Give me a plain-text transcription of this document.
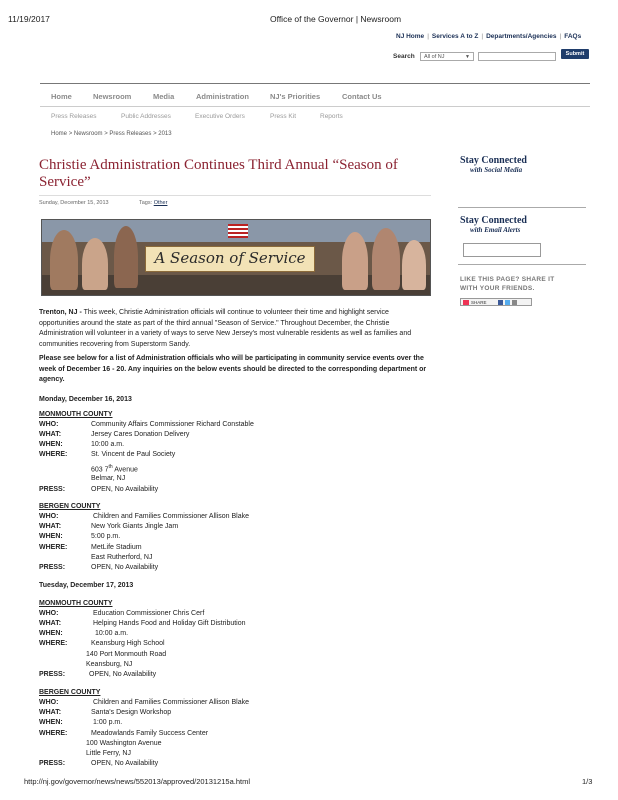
11/19/2017	Office of the Governor | Newsroom
NJ Home | Services A to Z | Departments/Agencies | FAQs
Search	All of NJ	▼	Submit
Home	Newsroom	Media	Administration	NJ's Priorities	Contact Us
Press Releases	Public Addresses	Executive Orders	Press Kit	Reports
Home > Newsroom > Press Releases > 2013
Christie Administration Continues Third Annual “Season of Service”
Sunday, December 15, 2013	Tags: Other
A Season of Service
Trenton, NJ - This week, Christie Administration officials will continue to volunteer their time and highlight service opportunities around the state as part of the third annual "Season of Service." Throughout December, the Christie Administration will volunteer in a variety of ways to serve New Jersey's most vulnerable residents as well as families and communities recovering from Superstorm Sandy.
Please see below for a list of Administration officials who will be participating in community service events over the week of December 16 - 20. Any inquiries on the below events should be directed to the corresponding department or agency.
Monday, December 16, 2013
MONMOUTH COUNTY
WHO:	Community Affairs Commissioner Richard Constable
WHAT:	Jersey Cares Donation Delivery
WHEN:	10:00 a.m.
WHERE:	St. Vincent de Paul Society
603 7th Avenue
Belmar, NJ
PRESS:	OPEN, No Availability
BERGEN COUNTY
WHO:	Children and Families Commissioner Allison Blake
WHAT:	New York Giants Jingle Jam
WHEN:	5:00 p.m.
WHERE:	MetLife Stadium
East Rutherford, NJ
PRESS:	OPEN, No Availability
Tuesday, December 17, 2013
MONMOUTH COUNTY
WHO:	Education Commissioner Chris Cerf
WHAT:	Helping Hands Food and Holiday Gift Distribution
WHEN:	10:00 a.m.
WHERE:	Keansburg High School
140 Port Monmouth Road
Keansburg, NJ
PRESS:	OPEN, No Availability
BERGEN COUNTY
WHO:	Children and Families Commissioner Allison Blake
WHAT:	Santa's Design Workshop
WHEN:	1:00 p.m.
WHERE:	Meadowlands Family Success Center
100 Washington Avenue
Little Ferry, NJ
PRESS:	OPEN, No Availability
Stay Connected
with Social Media
Stay Connected
with Email Alerts
LIKE THIS PAGE? SHARE IT
WITH YOUR FRIENDS.
SHARE
http://nj.gov/governor/news/news/552013/approved/20131215a.html	1/3
